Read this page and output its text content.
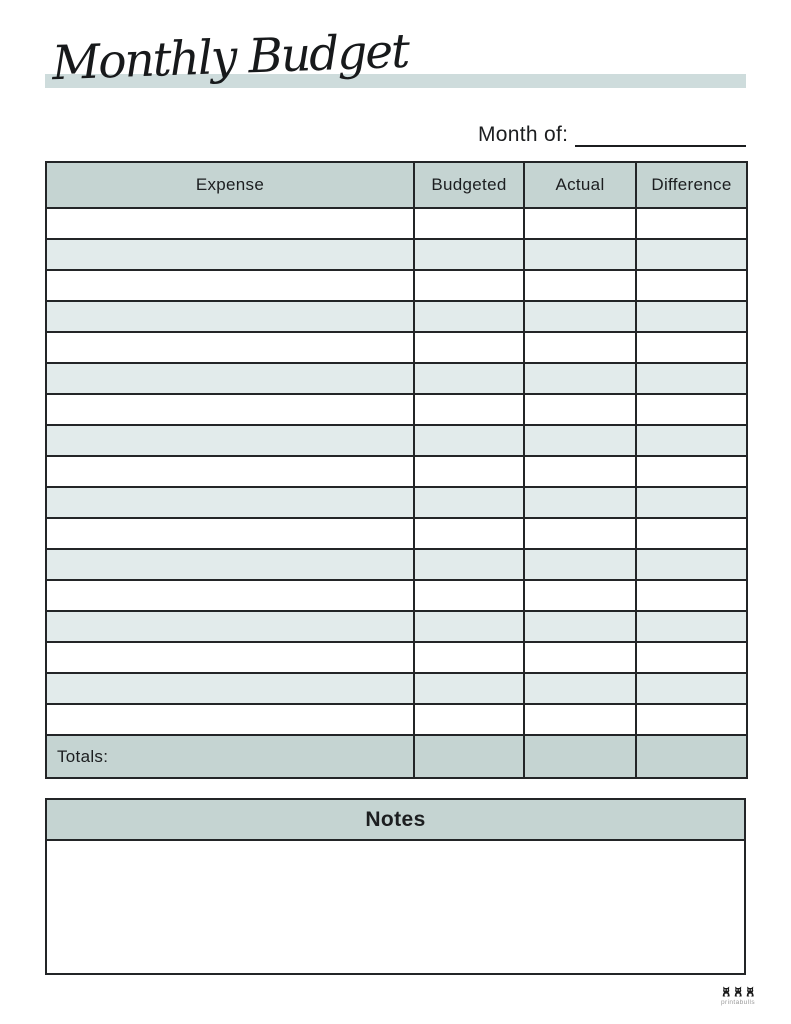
Monthly Budget
Month of:
Expense	Budgeted	Actual	Difference

Totals:			
Notes
printabulls
